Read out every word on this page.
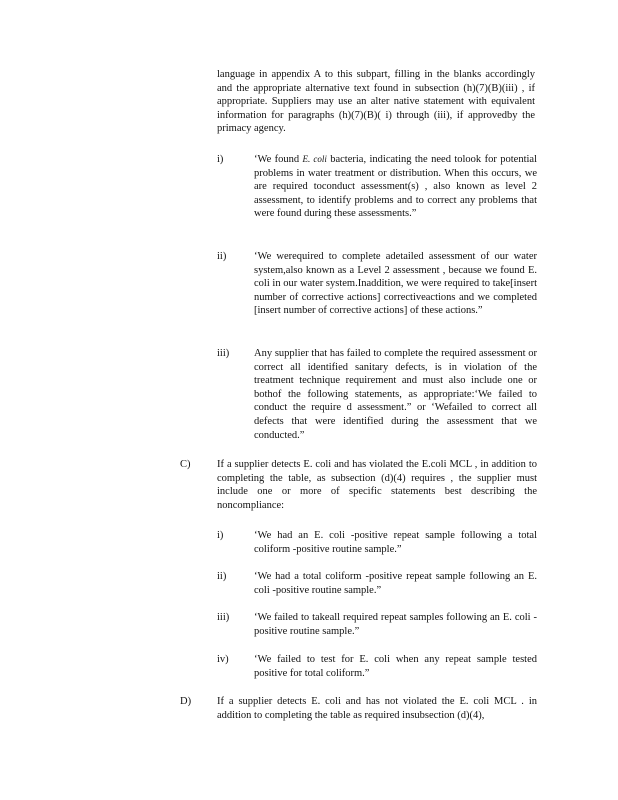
language in appendix A to this subpart, filling in the blanks accordingly and the appropriate alternative text found in subsection (h)(7)(B)(iii) , if appropriate. Suppliers may use an alter native statement with equivalent information for paragraphs (h)(7)(B)( i) through (iii), if approvedby the primacy agency.
i)	‘We found E. coli bacteria, indicating the need tolook for potential problems in water treatment or distribution. When this occurs, we are required toconduct assessment(s) , also known as level 2 assessment, to identify problems and to correct any problems that were found during these assessments.”
ii)	‘We werequired to complete adetailed assessment of our water system,also known as a Level 2 assessment , because we found E. coli in our water system.Inaddition, we were required to take[insert number of corrective actions] correctiveactions and we completed [insert number of corrective actions] of these actions.”
iii) Any supplier that has failed to complete the required assessment or correct all identified sanitary defects, is in violation of the treatment technique requirement and must also include one or bothof the following statements, as appropriate:‘We failed to conduct the require d assessment.” or ‘Wefailed to correct all defects that were identified during the assessment that we conducted.”
C)	If a supplier detects E. coli and has violated the E.coli MCL , in addition to completing the table, as subsection (d)(4) requires , the supplier must include one or more of specific statements best describing the noncompliance:
i)	‘We had an E. coli -positive repeat sample following a total coliform -positive routine sample.”
ii)	‘We had a total coliform -positive repeat sample following an E. coli -positive routine sample.”
iii) ‘We failed to takeall required repeat samples following an E. coli -positive routine sample.”
iv) ‘We failed to test for E. coli when any repeat sample tested positive for total coliform.”
D) If a supplier detects E. coli and has not violated the E. coli MCL . in addition to completing the table as required insubsection (d)(4),
